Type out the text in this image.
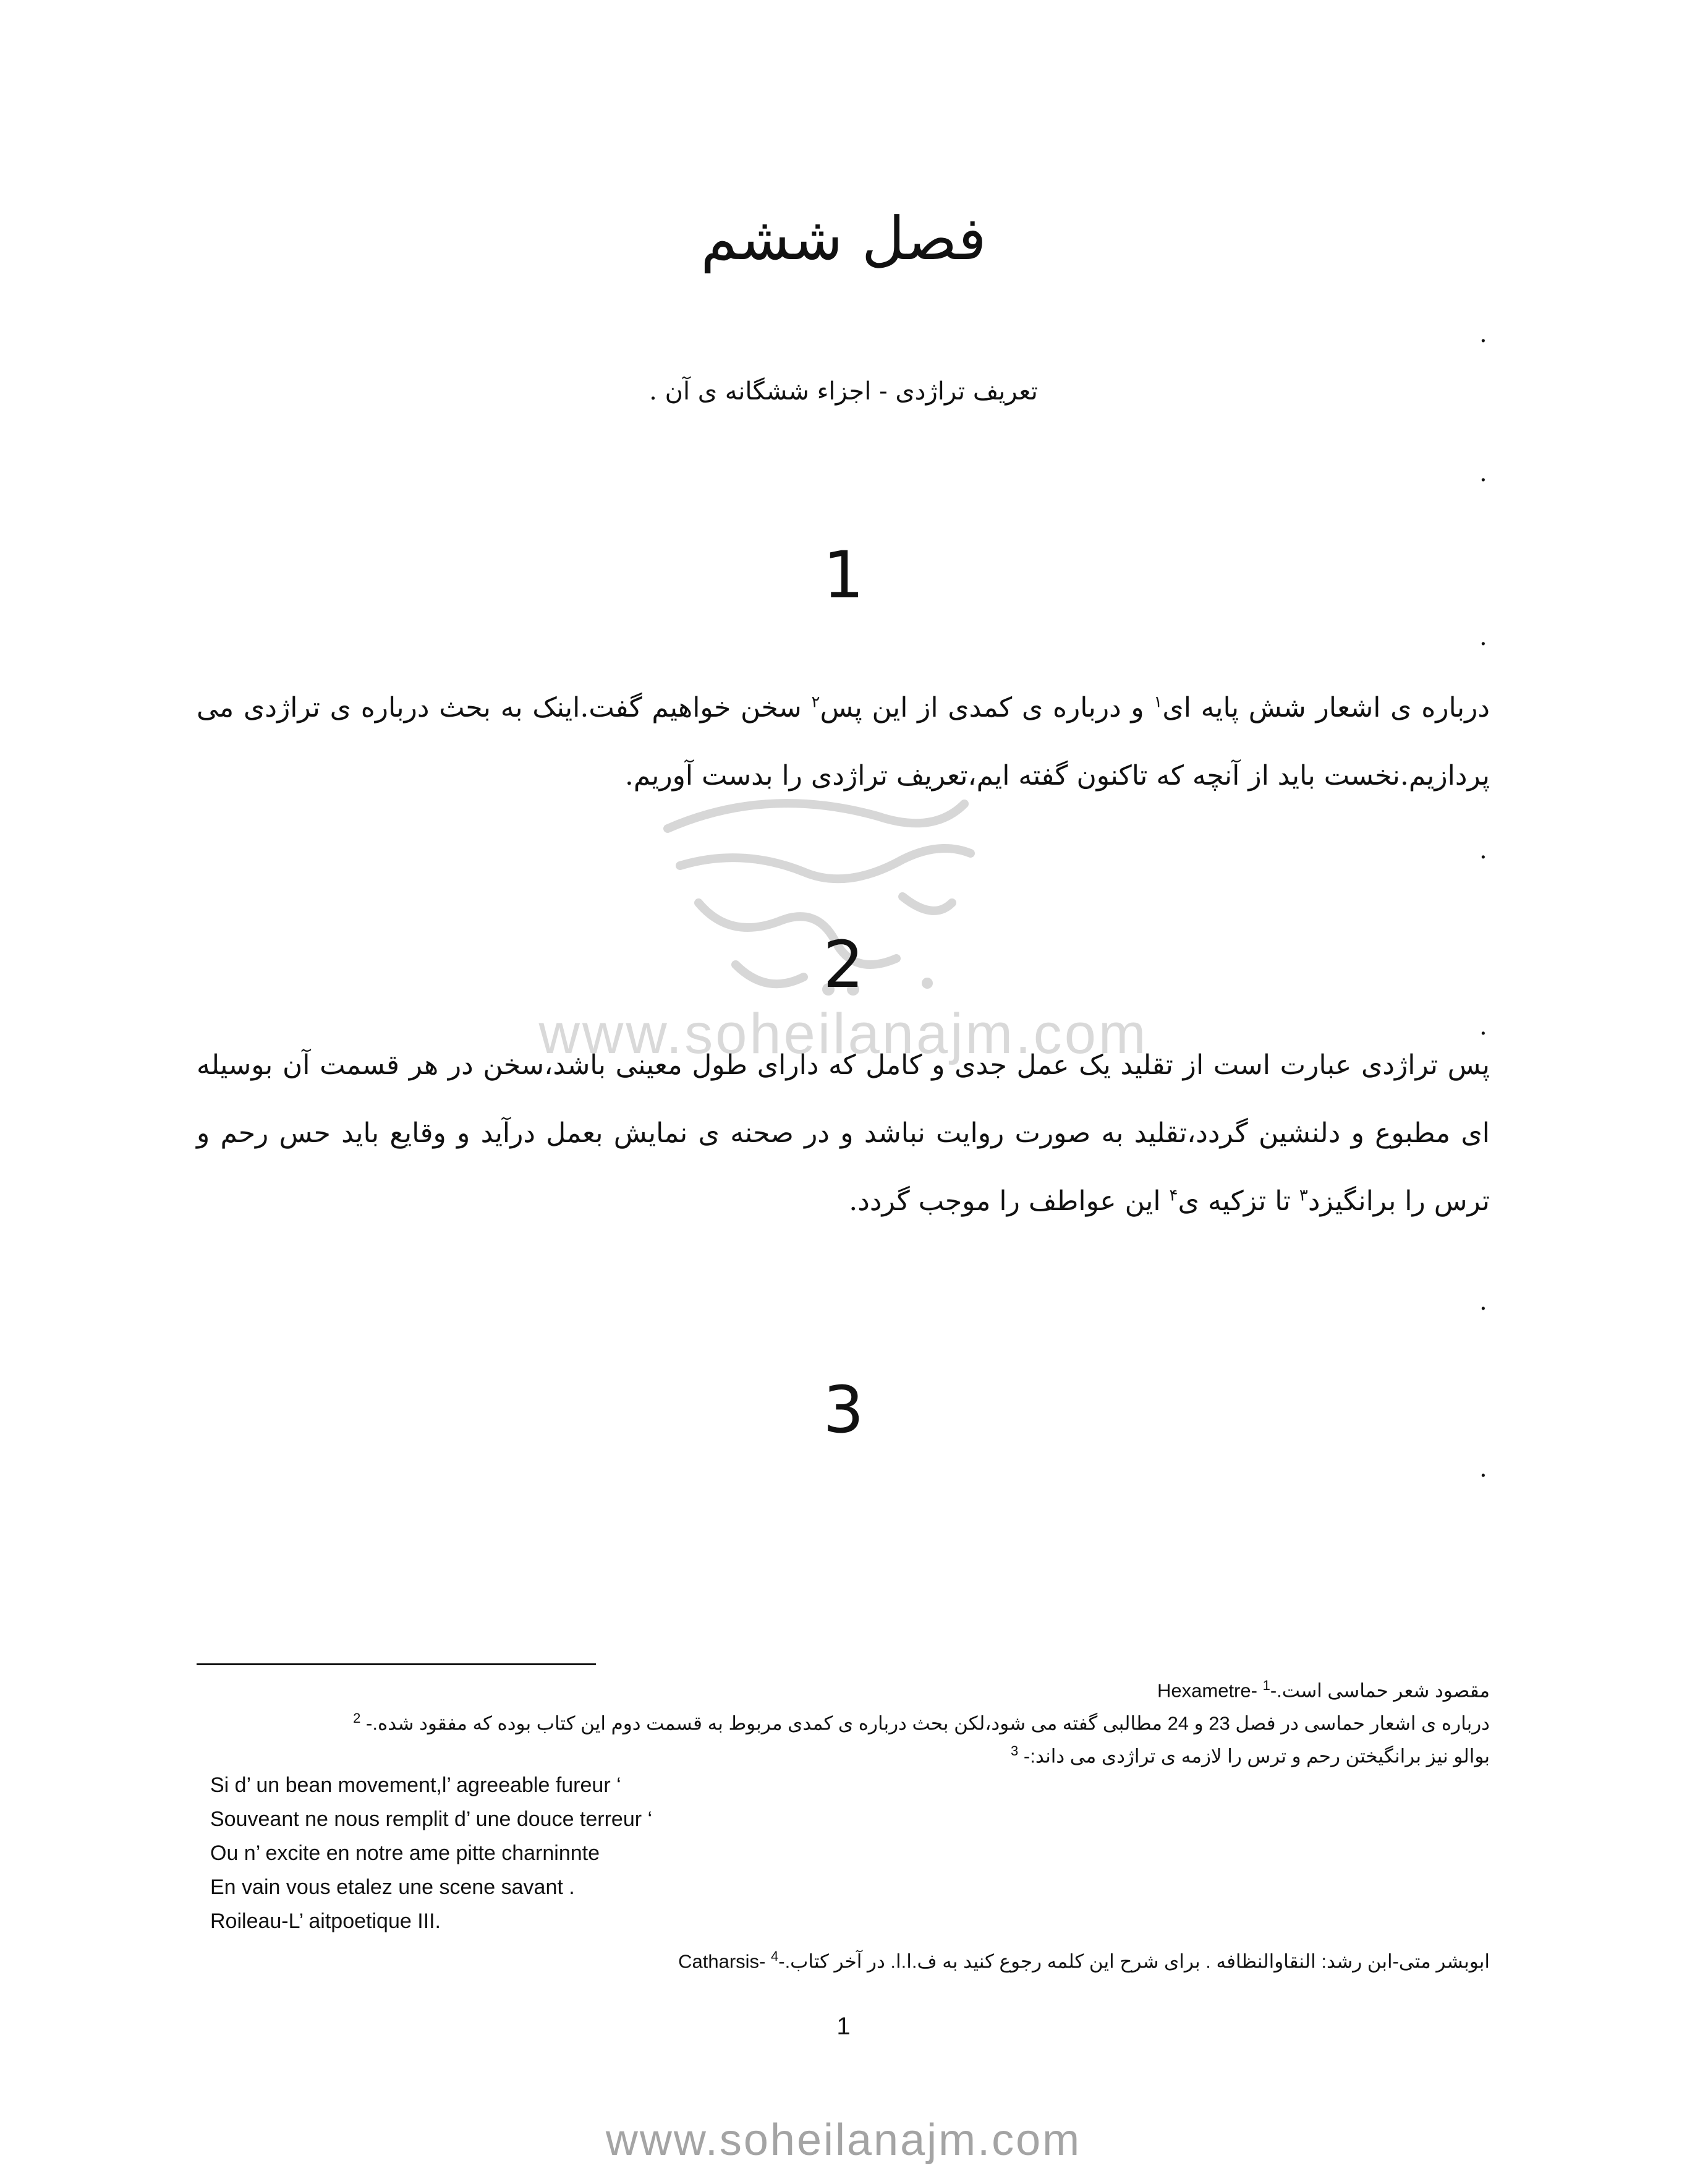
فصل ششم
.
تعریف تراژدی - اجزاء ششگانه ی آن .
.
1
.
درباره ی اشعار شش پایه ای$^۱$ و درباره ی کمدی از این پس$^۲$ سخن خواهیم گفت.اینک به بحث درباره ی تراژدی می پردازیم.نخست باید از آنچه که تاکنون گفته ایم،تعریف تراژدی را بدست آوریم.
.
2
www.soheilanajm.com	.
پس تراژدی عبارت است از تقلید یک عمل جدی و کامل که دارای طول معینی باشد،سخن در هر قسمت آن بوسیله ای مطبوع و دلنشین گردد،تقلید به صورت روایت نباشد و در صحنه ی نمایش بعمل درآید و وقایع باید حس رحم و ترس را برانگیزد$^۳$ تا تزکیه ی$^۴$ این عواطف را موجب گردد.
.
3
.
مقصود شعر حماسی است.-Hexametre- $^1$
درباره ی اشعار حماسی در فصل 23 و 24 مطالبی گفته می شود،لکن بحث درباره ی کمدی مربوط به قسمت دوم این کتاب بوده که مفقود شده.- $^2$
بوالو نیز برانگیختن رحم و ترس را لازمه ی تراژدی می داند:- $^3$
Si d’ un bean movement,l’ agreeable fureur ‘
Souveant ne nous remplit d’ une douce terreur ‘
Ou n’ excite en notre ame pitte charninnte
En vain vous etalez une scene savant .
Roileau-L’ aitpoetique III.
ابوبشر متی-ابن رشد: النقاوالنظافه . برای شرح این کلمه رجوع کنید به ف.ا.ا. در آخر کتاب.-Catharsis- $^4$
1
www.soheilanajm.com
